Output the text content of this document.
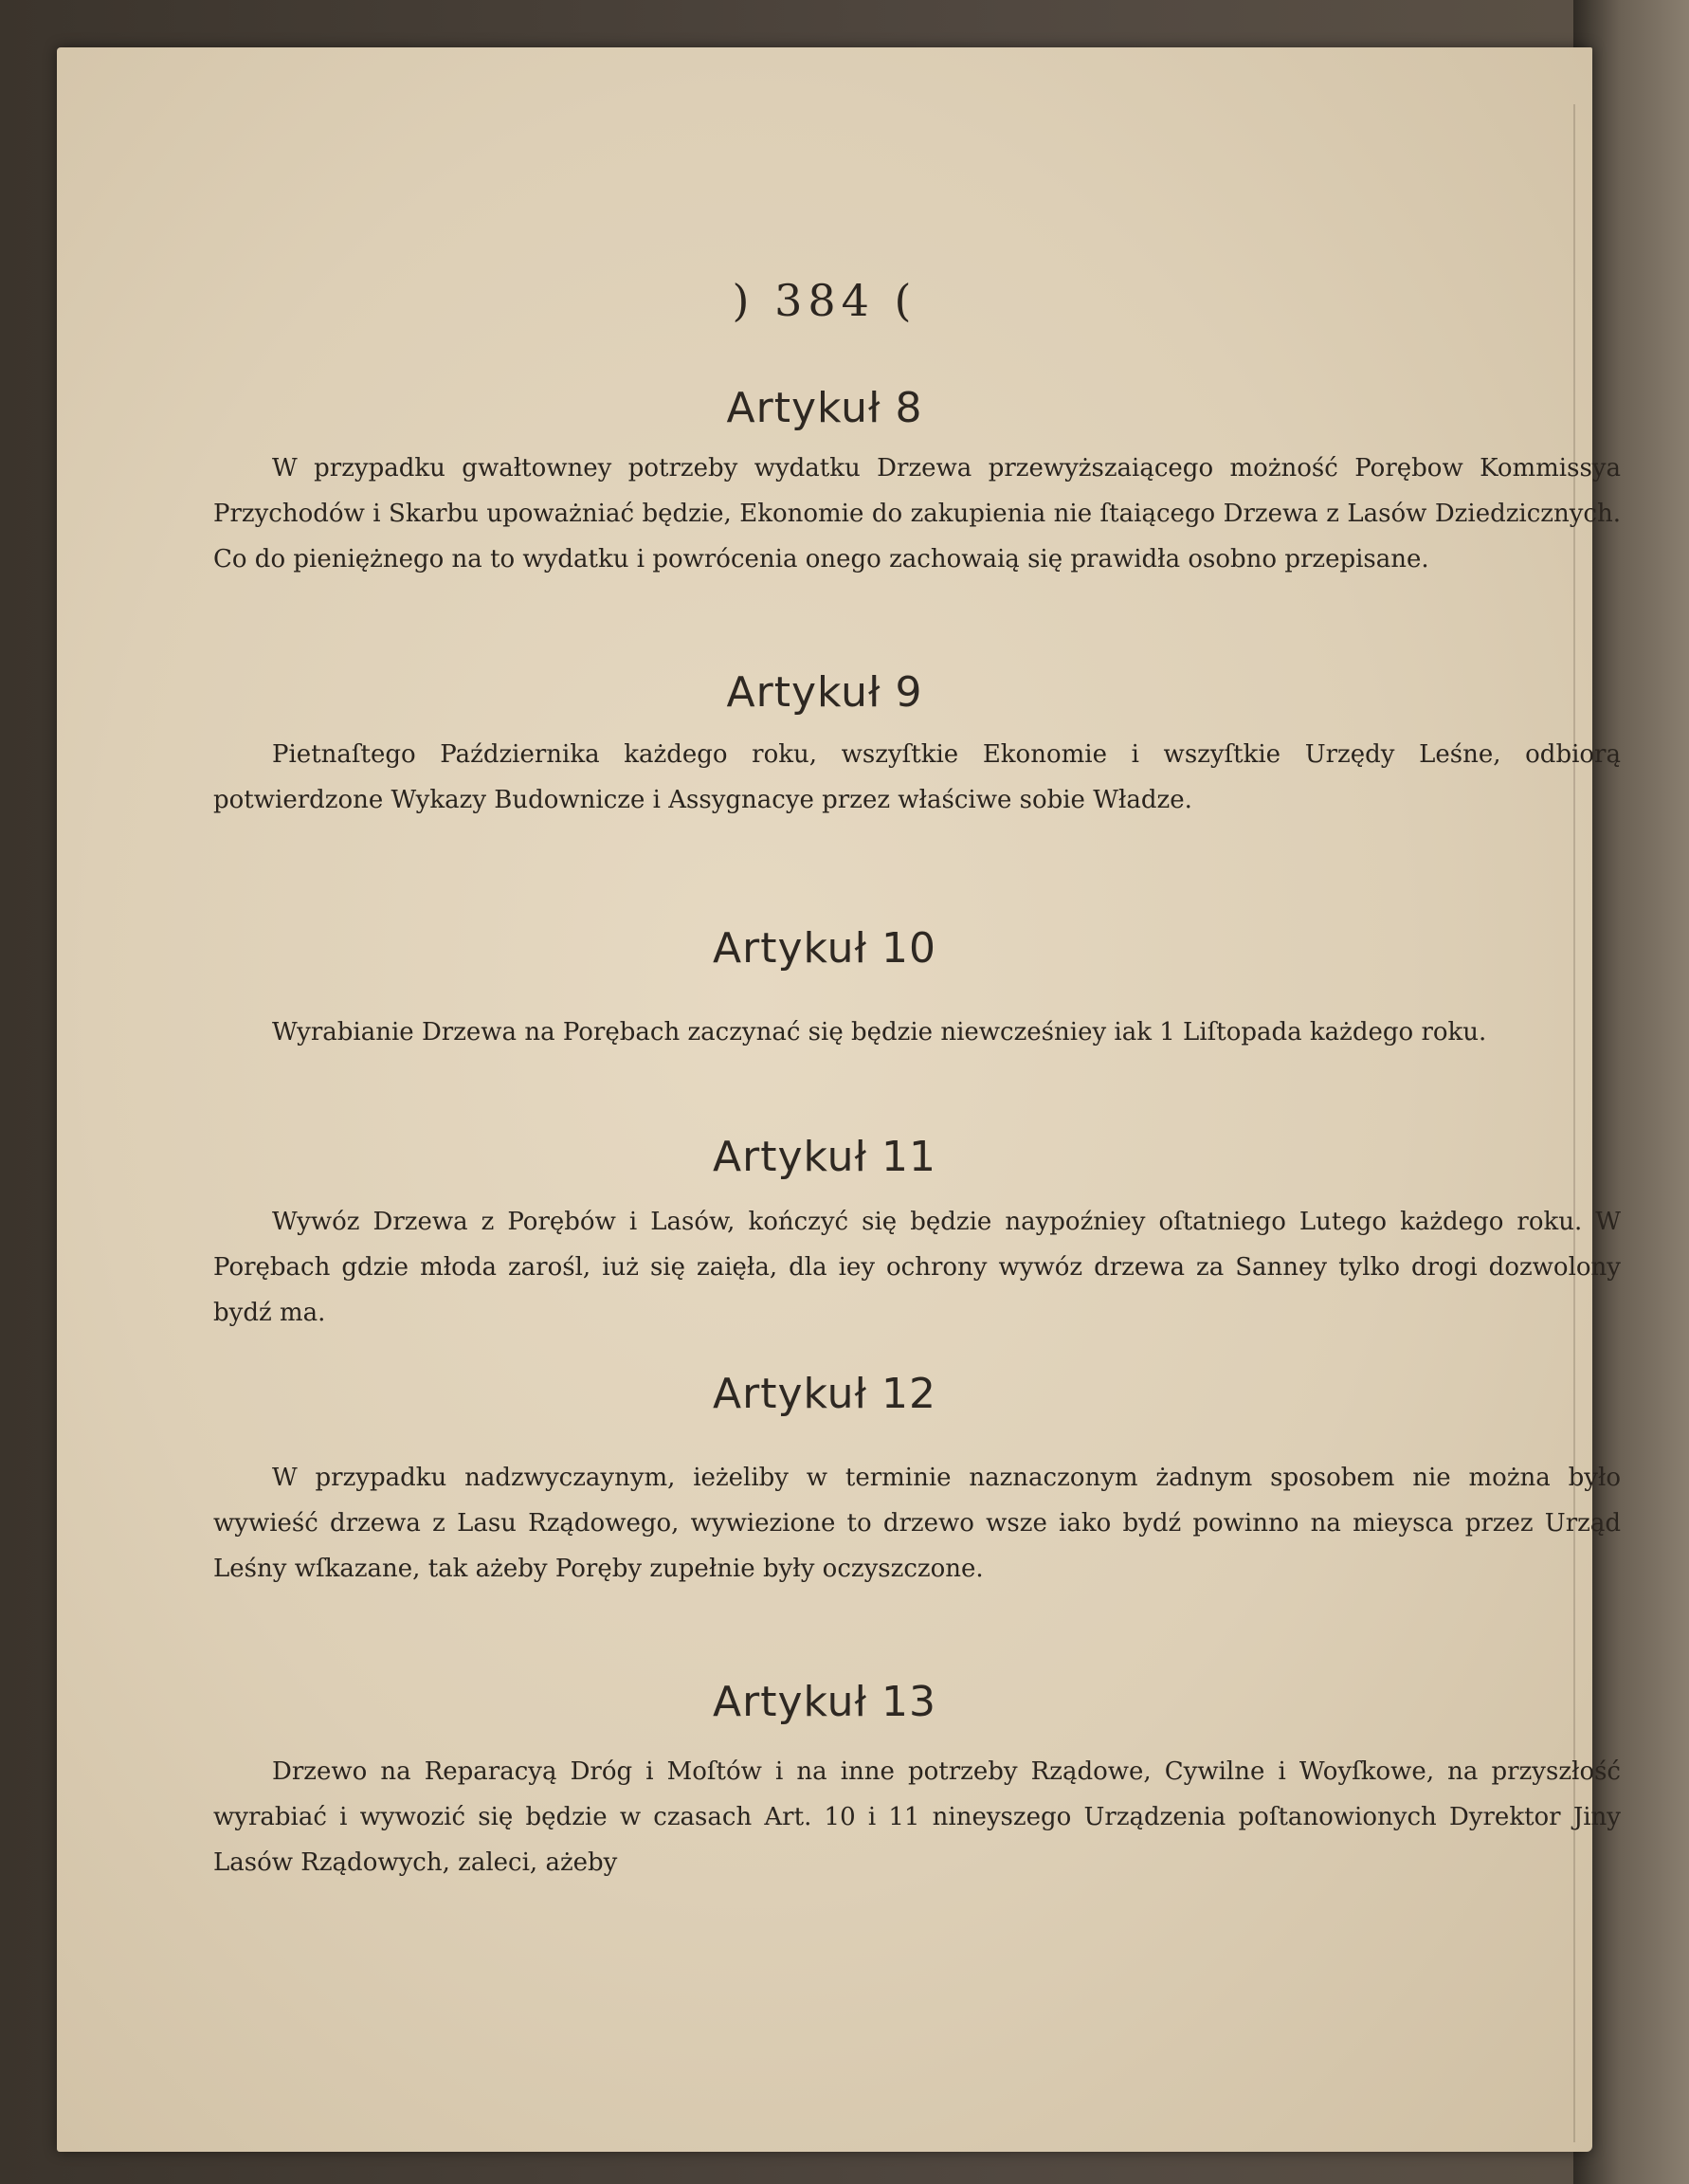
) 384 (
Artykuł 8
W przypadku gwałtowney potrzeby wydatku Drzewa przewyższaiącego możność Porębow Kommissya Przychodów i Skarbu upoważniać będzie, Ekonomie do zakupienia nie ſtaiącego Drzewa z Lasów Dziedzicznych. Co do pieniężnego na to wydatku i powrócenia onego zachowaią się prawidła osobno przepisane.
Artykuł 9
Pietnaſtego Października każdego roku, wszyſtkie Ekonomie i wszyſtkie Urzędy Leśne, odbiorą potwierdzone Wykazy Budownicze i Assygnacye przez właściwe sobie Władze.
Artykuł 10
Wyrabianie Drzewa na Porębach zaczynać się będzie niewcześniey iak 1 Liſtopada każdego roku.
Artykuł 11
Wywóz Drzewa z Porębów i Lasów, kończyć się będzie naypoźniey oſtatniego Lutego każdego roku. W Porębach gdzie młoda zarośl, iuż się zaięła, dla iey ochrony wywóz drzewa za Sanney tylko drogi dozwolony bydź ma.
Artykuł 12
W przypadku nadzwyczaynym, ieżeliby w terminie naznaczonym żadnym sposobem nie można było wywieść drzewa z Lasu Rządowego, wywiezione to drzewo wsze iako bydź powinno na mieysca przez Urząd Leśny wſkazane, tak ażeby Poręby zupełnie były oczyszczone.
Artykuł 13
Drzewo na Reparacyą Dróg i Moſtów i na inne potrzeby Rządowe, Cywilne i Woyſkowe, na przyszłość wyrabiać i wywozić się będzie w czasach Art. 10 i 11 nineyszego Urządzenia poſtanowionych Dyrektor Jiny Lasów Rządowych, zaleci, ażeby
